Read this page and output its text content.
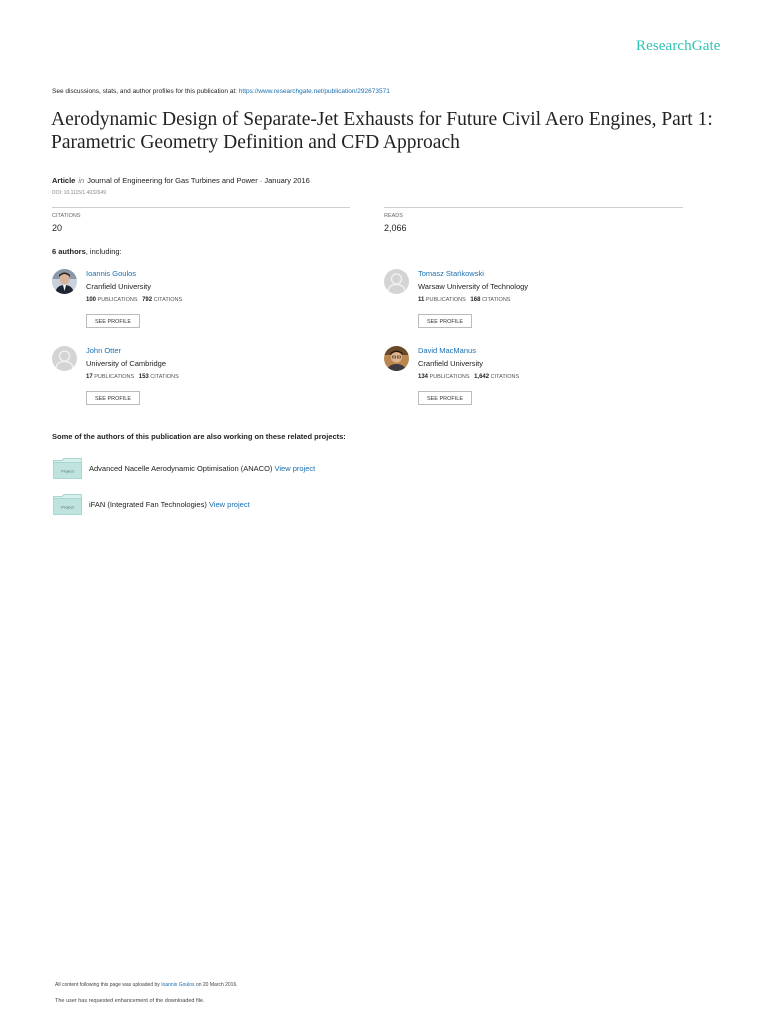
ResearchGate
See discussions, stats, and author profiles for this publication at: https://www.researchgate.net/publication/292673571
Aerodynamic Design of Separate-Jet Exhausts for Future Civil Aero Engines, Part 1: Parametric Geometry Definition and CFD Approach
Article in Journal of Engineering for Gas Turbines and Power · January 2016
DOI: 10.1115/1.4032649
CITATIONS
20
READS
2,066
6 authors, including:
Ioannis Goulos
Cranfield University
100 PUBLICATIONS 792 CITATIONS
SEE PROFILE
Tomasz Stańkowski
Warsaw University of Technology
11 PUBLICATIONS 168 CITATIONS
SEE PROFILE
John Otter
University of Cambridge
17 PUBLICATIONS 153 CITATIONS
SEE PROFILE
David MacManus
Cranfield University
134 PUBLICATIONS 1,642 CITATIONS
SEE PROFILE
Some of the authors of this publication are also working on these related projects:
Project Advanced Nacelle Aerodynamic Optimisation (ANACO) View project
Project iFAN (Integrated Fan Technologies) View project
All content following this page was uploaded by Ioannis Goulos on 20 March 2016.
The user has requested enhancement of the downloaded file.
